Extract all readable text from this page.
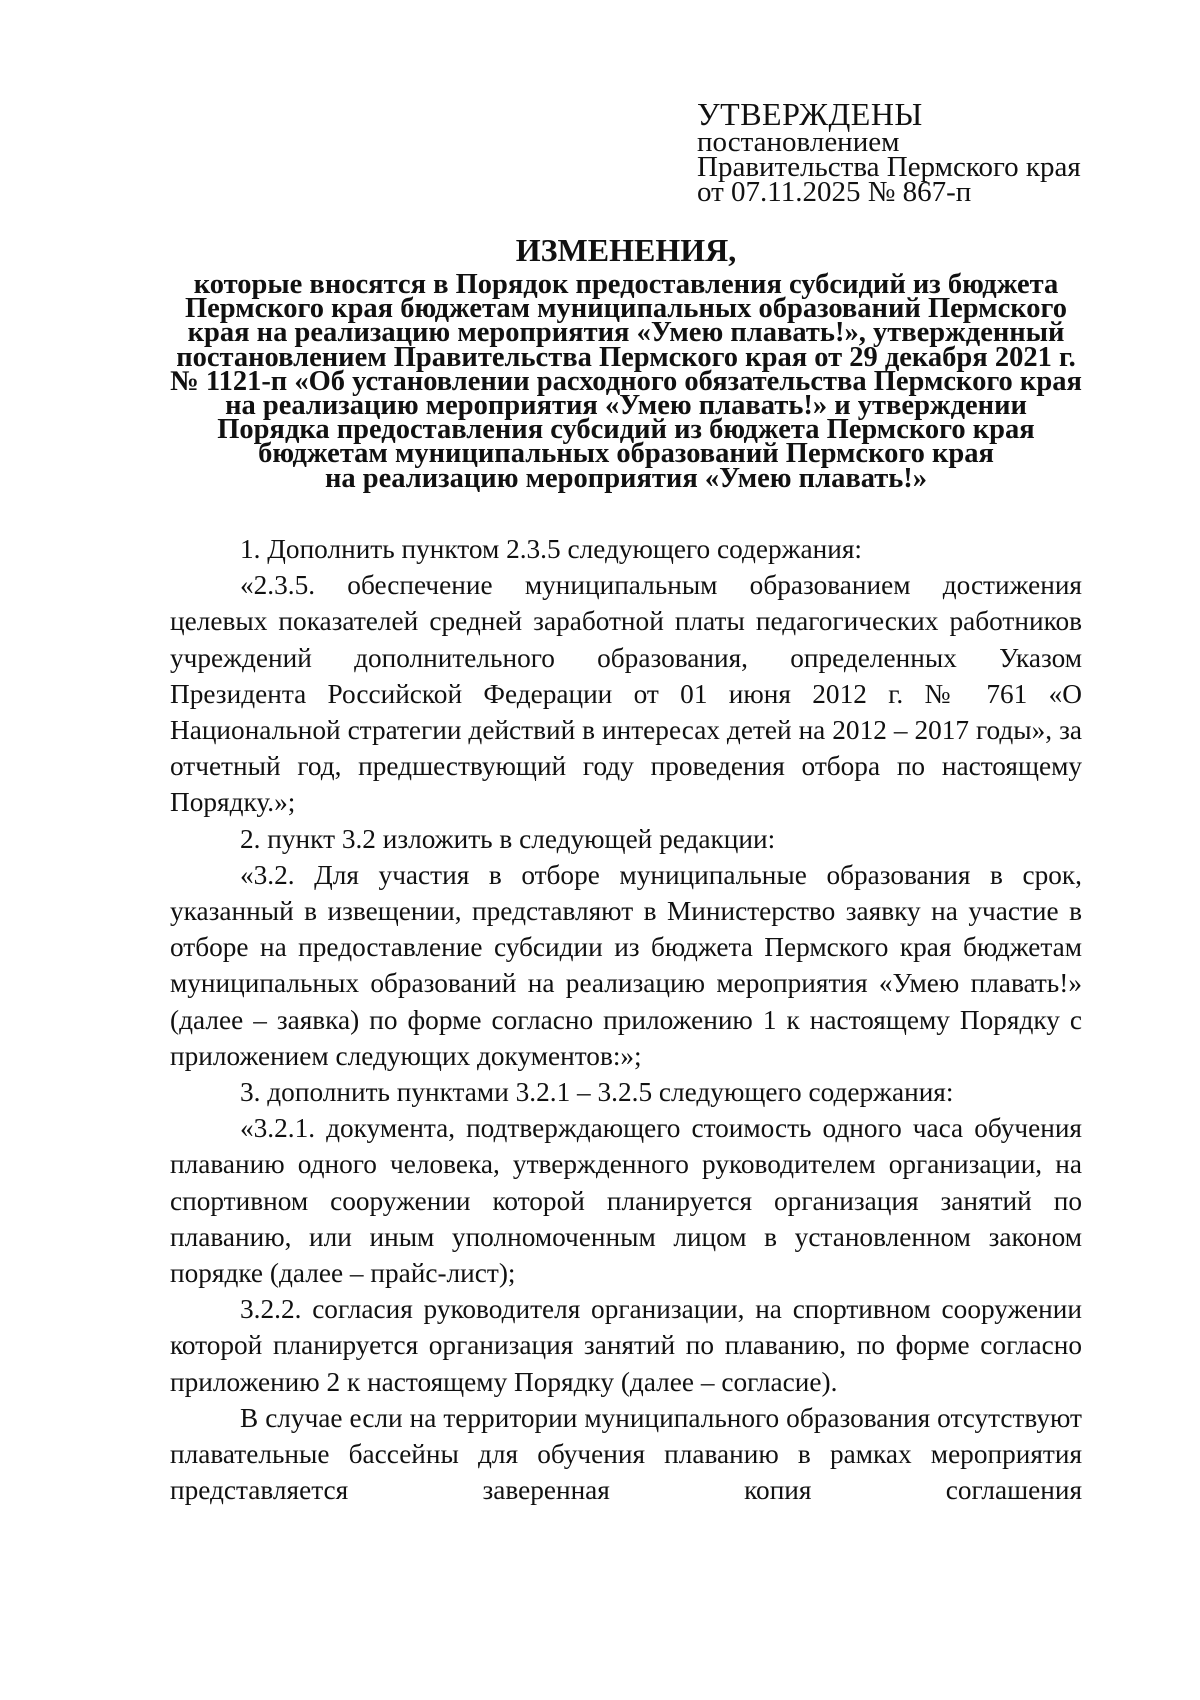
УТВЕРЖДЕНЫ
постановлением
Правительства Пермского края
от 07.11.2025 № 867-п
ИЗМЕНЕНИЯ,
которые вносятся в Порядок предоставления субсидий из бюджета
Пермского края бюджетам муниципальных образований Пермского
края на реализацию мероприятия «Умею плавать!», утвержденный
постановлением Правительства Пермского края от 29 декабря 2021 г.
№ 1121-п «Об установлении расходного обязательства Пермского края
на реализацию мероприятия «Умею плавать!» и утверждении
Порядка предоставления субсидий из бюджета Пермского края
бюджетам муниципальных образований Пермского края
на реализацию мероприятия «Умею плавать!»

1. Дополнить пунктом 2.3.5 следующего содержания:

«2.3.5. обеспечение муниципальным образованием достижения целевых показателей средней заработной платы педагогических работников учреждений дополнительного образования, определенных Указом Президента Российской Федерации от 01 июня 2012 г. № 761 «О Национальной стратегии действий в интересах детей на 2012 – 2017 годы», за отчетный год, предшествующий году проведения отбора по настоящему Порядку.»;

2. пункт 3.2 изложить в следующей редакции:

«3.2. Для участия в отборе муниципальные образования в срок, указанный в извещении, представляют в Министерство заявку на участие в отборе на предоставление субсидии из бюджета Пермского края бюджетам муниципальных образований на реализацию мероприятия «Умею плавать!» (далее – заявка) по форме согласно приложению 1 к настоящему Порядку с приложением следующих документов:»;

3. дополнить пунктами 3.2.1 – 3.2.5 следующего содержания:

«3.2.1. документа, подтверждающего стоимость одного часа обучения плаванию одного человека, утвержденного руководителем организации, на спортивном сооружении которой планируется организация занятий по плаванию, или иным уполномоченным лицом в установленном законом порядке (далее – прайс-лист);

3.2.2. согласия руководителя организации, на спортивном сооружении которой планируется организация занятий по плаванию, по форме согласно приложению 2 к настоящему Порядку (далее – согласие).

В случае если на территории муниципального образования отсутствуют плавательные бассейны для обучения плаванию в рамках мероприятия представляется заверенная копия соглашения
